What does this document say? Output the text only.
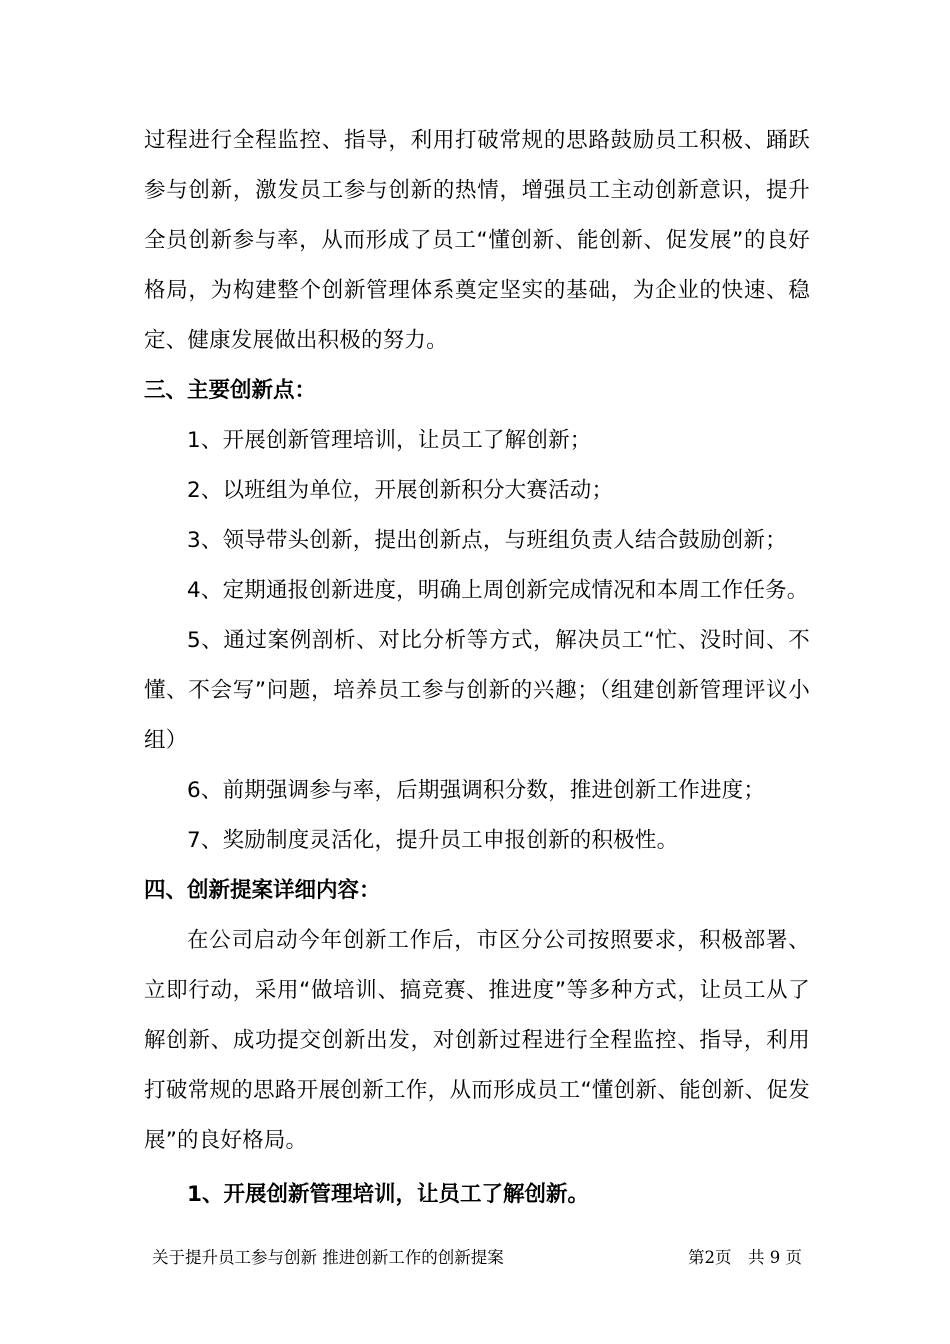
过程进行全程监控、指导，利用打破常规的思路鼓励员工积极、踊跃参与创新，激发员工参与创新的热情，增强员工主动创新意识，提升全员创新参与率，从而形成了员工“懂创新、能创新、促发展”的良好格局，为构建整个创新管理体系奠定坚实的基础，为企业的快速、稳定、健康发展做出积极的努力。

三、主要创新点：

1、开展创新管理培训，让员工了解创新；

2、以班组为单位，开展创新积分大赛活动；

3、领导带头创新，提出创新点，与班组负责人结合鼓励创新；

4、定期通报创新进度，明确上周创新完成情况和本周工作任务。

5、通过案例剖析、对比分析等方式，解决员工“忙、没时间、不懂、不会写”问题，培养员工参与创新的兴趣；（组建创新管理评议小组）

6、前期强调参与率，后期强调积分数，推进创新工作进度；

7、奖励制度灵活化，提升员工申报创新的积极性。

四、创新提案详细内容：

在公司启动今年创新工作后，市区分公司按照要求，积极部署、立即行动，采用“做培训、搞竞赛、推进度”等多种方式，让员工从了解创新、成功提交创新出发，对创新过程进行全程监控、指导，利用打破常规的思路开展创新工作，从而形成员工“懂创新、能创新、促发展”的良好格局。

1、开展创新管理培训，让员工了解创新。

关于提升员工参与创新 推进创新工作的创新提案	第2页　共 9 页
